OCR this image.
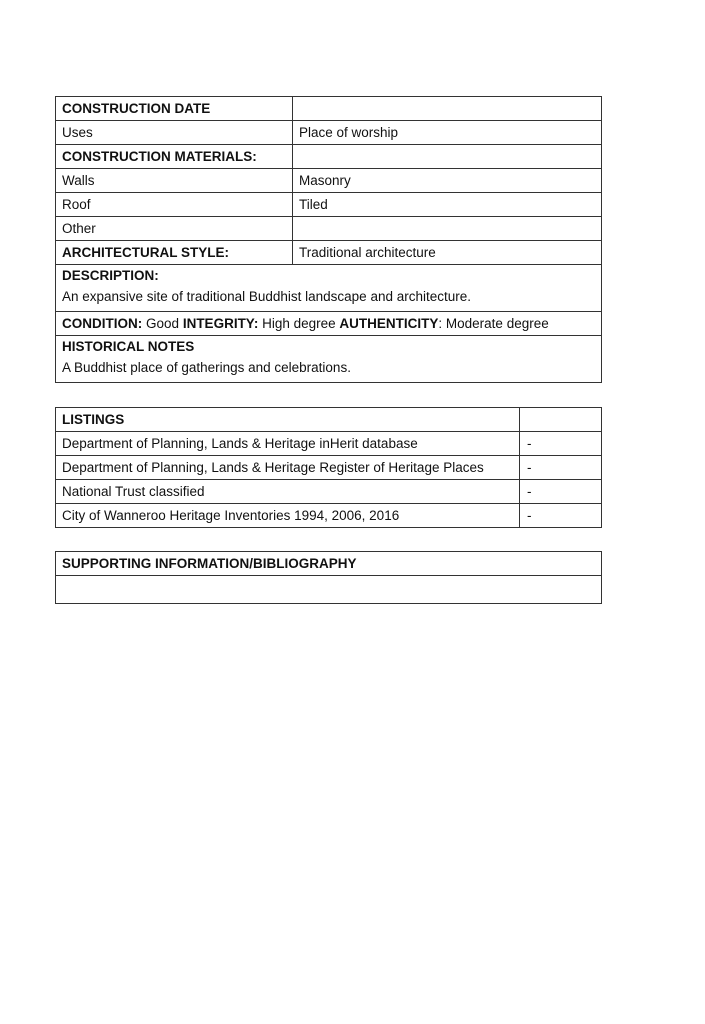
CONSTRUCTION DATE	
Uses	Place of worship
CONSTRUCTION MATERIALS:	
Walls	Masonry
Roof	Tiled
Other	
ARCHITECTURAL STYLE:	Traditional architecture

DESCRIPTION:
An expansive site of traditional Buddhist landscape and architecture.	

CONDITION: Good INTEGRITY: High degree AUTHENTICITY: Moderate degree	

HISTORICAL NOTES
A Buddhist place of gatherings and celebrations.	
LISTINGS	
Department of Planning, Lands & Heritage inHerit database	-
Department of Planning, Lands & Heritage Register of Heritage Places	-
National Trust classified	-
City of Wanneroo Heritage Inventories 1994, 2006, 2016	-
SUPPORTING INFORMATION/BIBLIOGRAPHY
